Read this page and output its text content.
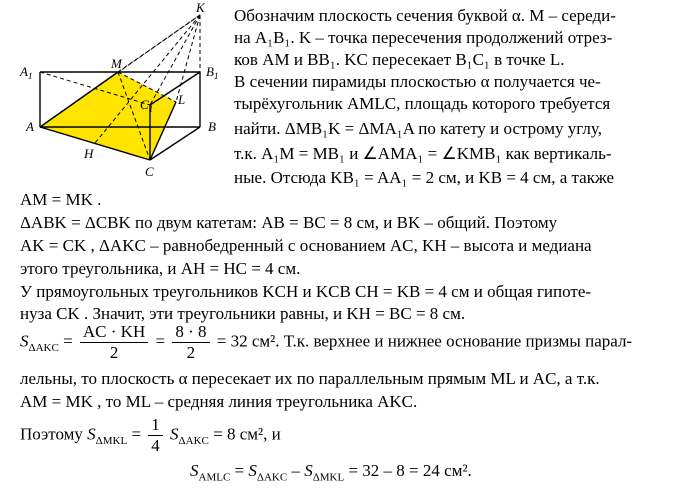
K
M
$A_1$	$B_1$
$C_1$
L
A	B
H
C
Обозначим плоскость сечения буквой α. M – середи-
на A₁B₁. K – точка пересечения продолжений отрез-
ков AM и BB₁. KC пересекает B₁C₁ в точке L.
В сечении пирамиды плоскостью α получается че-
тырёхугольник AMLC, площадь которого требуется
найти. ΔMB₁K = ΔMA₁A по катету и острому углу,
т.к. A₁M = MB₁ и ∠AMA₁ = ∠KMB₁ как вертикаль-
ные. Отсюда KB₁ = AA₁ = 2 см, и KB = 4 см, а также
AM = MK .
ΔABK = ΔCBK по двум катетам: AB = BC = 8 см, и BK – общий. Поэтому
AK = CK , ΔAKC – равнобедренный с основанием AC, KH – высота и медиана
этого треугольника, и AH = HC = 4 см.
У прямоугольных треугольников KCH и KCB CH = KB = 4 см и общая гипоте-
нуза CK . Значит, эти треугольники равны, и KH = BC = 8 см.
$S_{\Delta AKC} = \frac{AC \cdot KH}{2} = \frac{8 \cdot 8}{2} = 32$ см². Т.к. верхнее и нижнее основание призмы парал-
лельны, то плоскость α пересекает их по параллельным прямым ML и AC, а т.к.
AM = MK , то ML – средняя линия треугольника AKC.
Поэтому $S_{\Delta MKL} = \frac{1}{4} S_{\Delta AKC} = 8$ см², и
$S_{AMLC} = S_{\Delta AKC} - S_{\Delta MKL} = 32 - 8 = 24$ см².
